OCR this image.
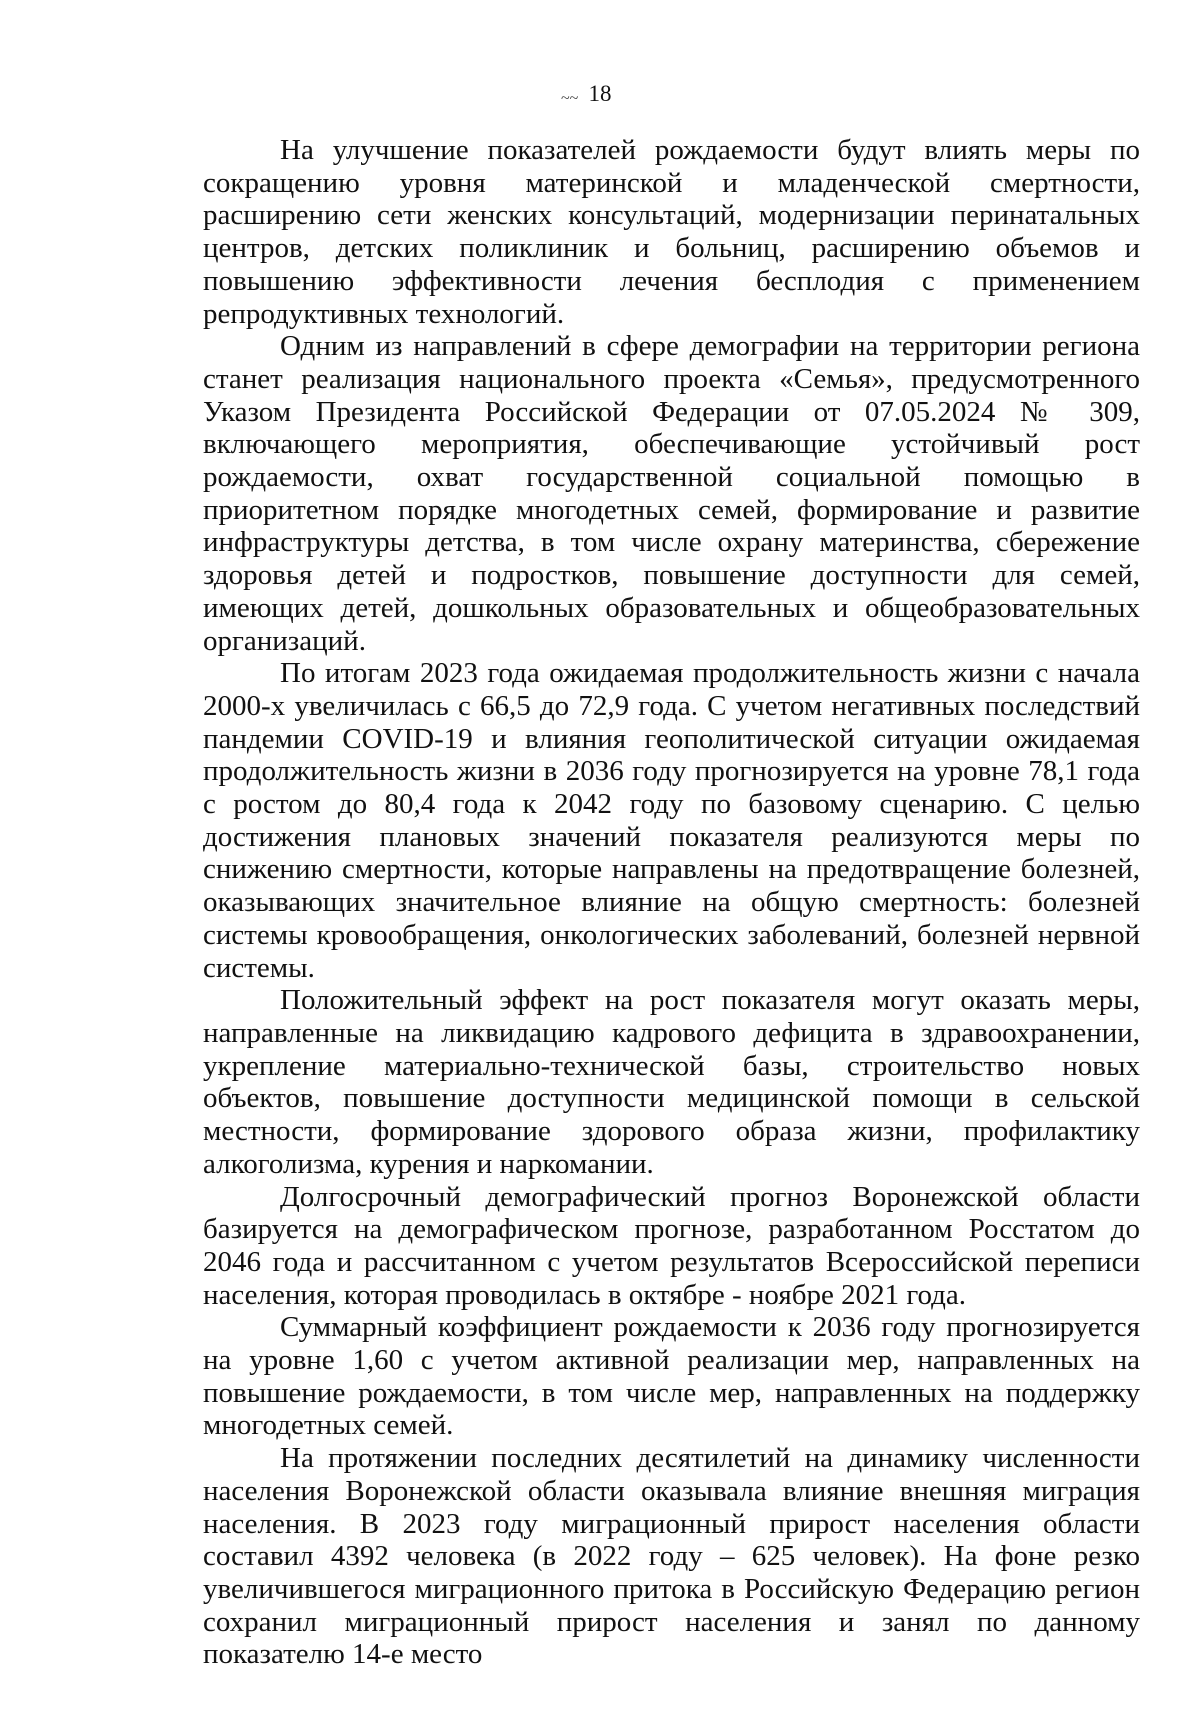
~~ 18

На улучшение показателей рождаемости будут влиять меры по сокращению уровня материнской и младенческой смертности, расширению сети женских консультаций, модернизации перинатальных центров, детских поликлиник и больниц, расширению объемов и повышению эффективности лечения бесплодия с применением репродуктивных технологий.

Одним из направлений в сфере демографии на территории региона станет реализация национального проекта «Семья», предусмотренного Указом Президента Российской Федерации от 07.05.2024 № 309, включающего мероприятия, обеспечивающие устойчивый рост рождаемости, охват государственной социальной помощью в приоритетном порядке многодетных семей, формирование и развитие инфраструктуры детства, в том числе охрану материнства, сбережение здоровья детей и подростков, повышение доступности для семей, имеющих детей, дошкольных образовательных и общеобразовательных организаций.

По итогам 2023 года ожидаемая продолжительность жизни с начала 2000-х увеличилась с 66,5 до 72,9 года. С учетом негативных последствий пандемии COVID-19 и влияния геополитической ситуации ожидаемая продолжительность жизни в 2036 году прогнозируется на уровне 78,1 года с ростом до 80,4 года к 2042 году по базовому сценарию. С целью достижения плановых значений показателя реализуются меры по снижению смертности, которые направлены на предотвращение болезней, оказывающих значительное влияние на общую смертность: болезней системы кровообращения, онкологических заболеваний, болезней нервной системы.

Положительный эффект на рост показателя могут оказать меры, направленные на ликвидацию кадрового дефицита в здравоохранении, укрепление материально-технической базы, строительство новых объектов, повышение доступности медицинской помощи в сельской местности, формирование здорового образа жизни, профилактику алкоголизма, курения и наркомании.

Долгосрочный демографический прогноз Воронежской области базируется на демографическом прогнозе, разработанном Росстатом до 2046 года и рассчитанном с учетом результатов Всероссийской переписи населения, которая проводилась в октябре - ноябре 2021 года.

Суммарный коэффициент рождаемости к 2036 году прогнозируется на уровне 1,60 с учетом активной реализации мер, направленных на повышение рождаемости, в том числе мер, направленных на поддержку многодетных семей.

На протяжении последних десятилетий на динамику численности населения Воронежской области оказывала влияние внешняя миграция населения. В 2023 году миграционный прирост населения области составил 4392 человека (в 2022 году – 625 человек). На фоне резко увеличившегося миграционного притока в Российскую Федерацию регион сохранил миграционный прирост населения и занял по данному показателю 14-е место
